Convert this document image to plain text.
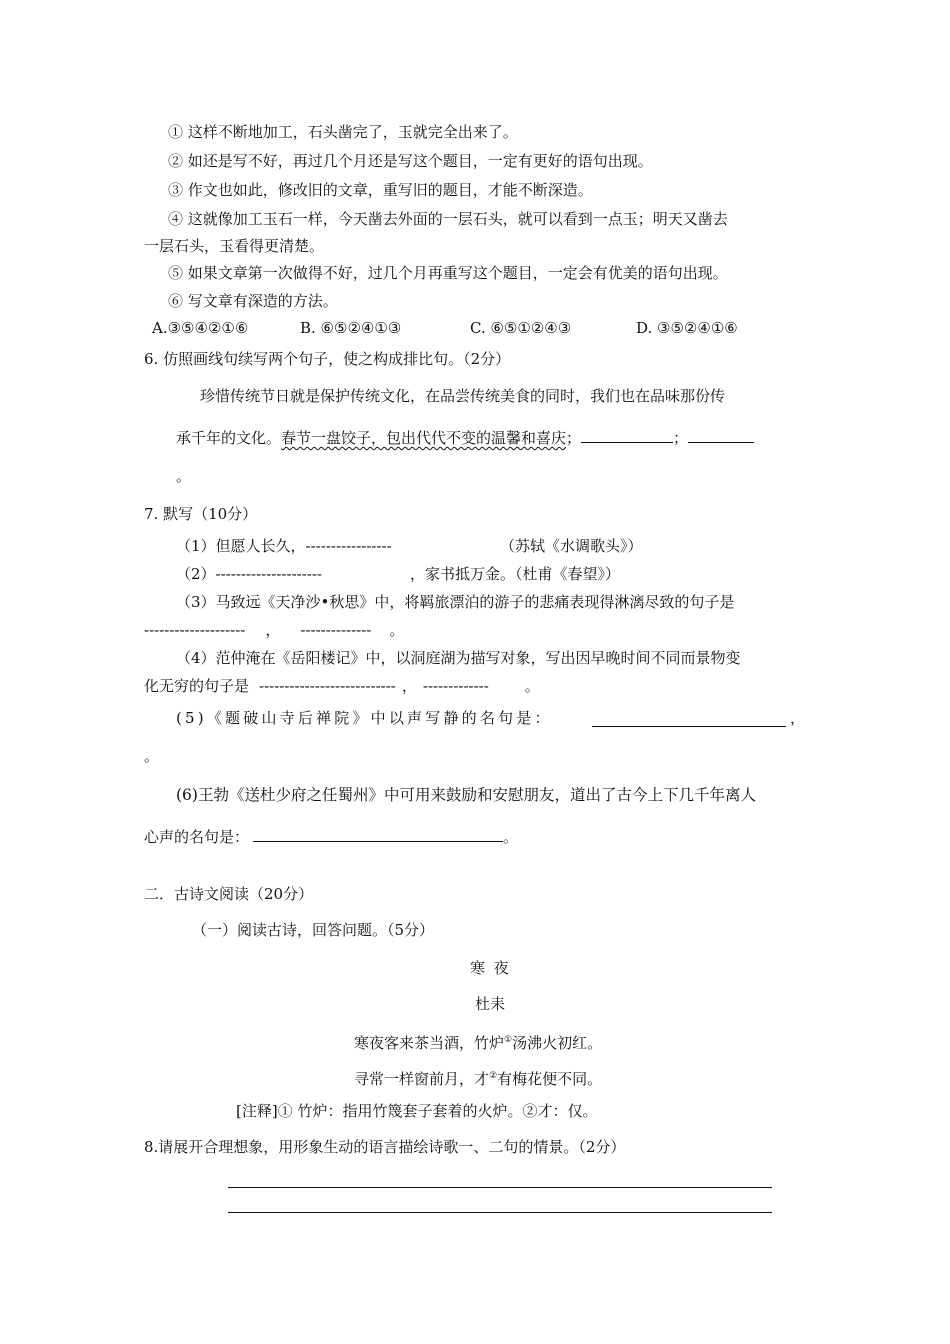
① 这样不断地加工，石头凿完了，玉就完全出来了。
② 如还是写不好，再过几个月还是写这个题目，一定有更好的语句出现。
③ 作文也如此，修改旧的文章，重写旧的题目，才能不断深造。
④ 这就像加工玉石一样，今天凿去外面的一层石头，就可以看到一点玉；明天又凿去
一层石头，玉看得更清楚。
⑤ 如果文章第一次做得不好，过几个月再重写这个题目，一定会有优美的语句出现。
⑥ 写文章有深造的方法。
A.③⑤④②①⑥	B. ⑥⑤②④①③	C. ⑥⑤①②④③	D. ③⑤②④①⑥
6. 仿照画线句续写两个句子，使之构成排比句。（2分）
珍惜传统节日就是保护传统文化，在品尝传统美食的同时，我们也在品味那份传
承千年的文化。春节一盘饺子，包出代代不变的温馨和喜庆；	；
。
7. 默写（10分）
（1）但愿人长久，-----------------	（苏轼《水调歌头》）
（2）---------------------	，家书抵万金。（杜甫《春望》）
（3）马致远《天净沙•秋思》中，将羁旅漂泊的游子的悲痛表现得淋漓尽致的句子是
-------------------- ， -------------- 。
（4）范仲淹在《岳阳楼记》中，以洞庭湖为描写对象，写出因早晚时间不同而景物变
化无穷的句子是 --------------------------- ， ------------- 。
(5)《题破山寺后禅院》中以声写静的名句是：	，
。
(6)王勃《送杜少府之任蜀州》中可用来鼓励和安慰朋友，道出了古今上下几千年离人
心声的名句是：	。
二．古诗文阅读（20分）
（一）阅读古诗，回答问题。（5分）
寒 夜
杜耒
寒夜客来茶当酒，竹炉①汤沸火初红。
寻常一样窗前月，才②有梅花便不同。
[注释]① 竹炉：指用竹篾套子套着的火炉。②才：仅。
8.请展开合理想象，用形象生动的语言描绘诗歌一、二句的情景。（2分）
